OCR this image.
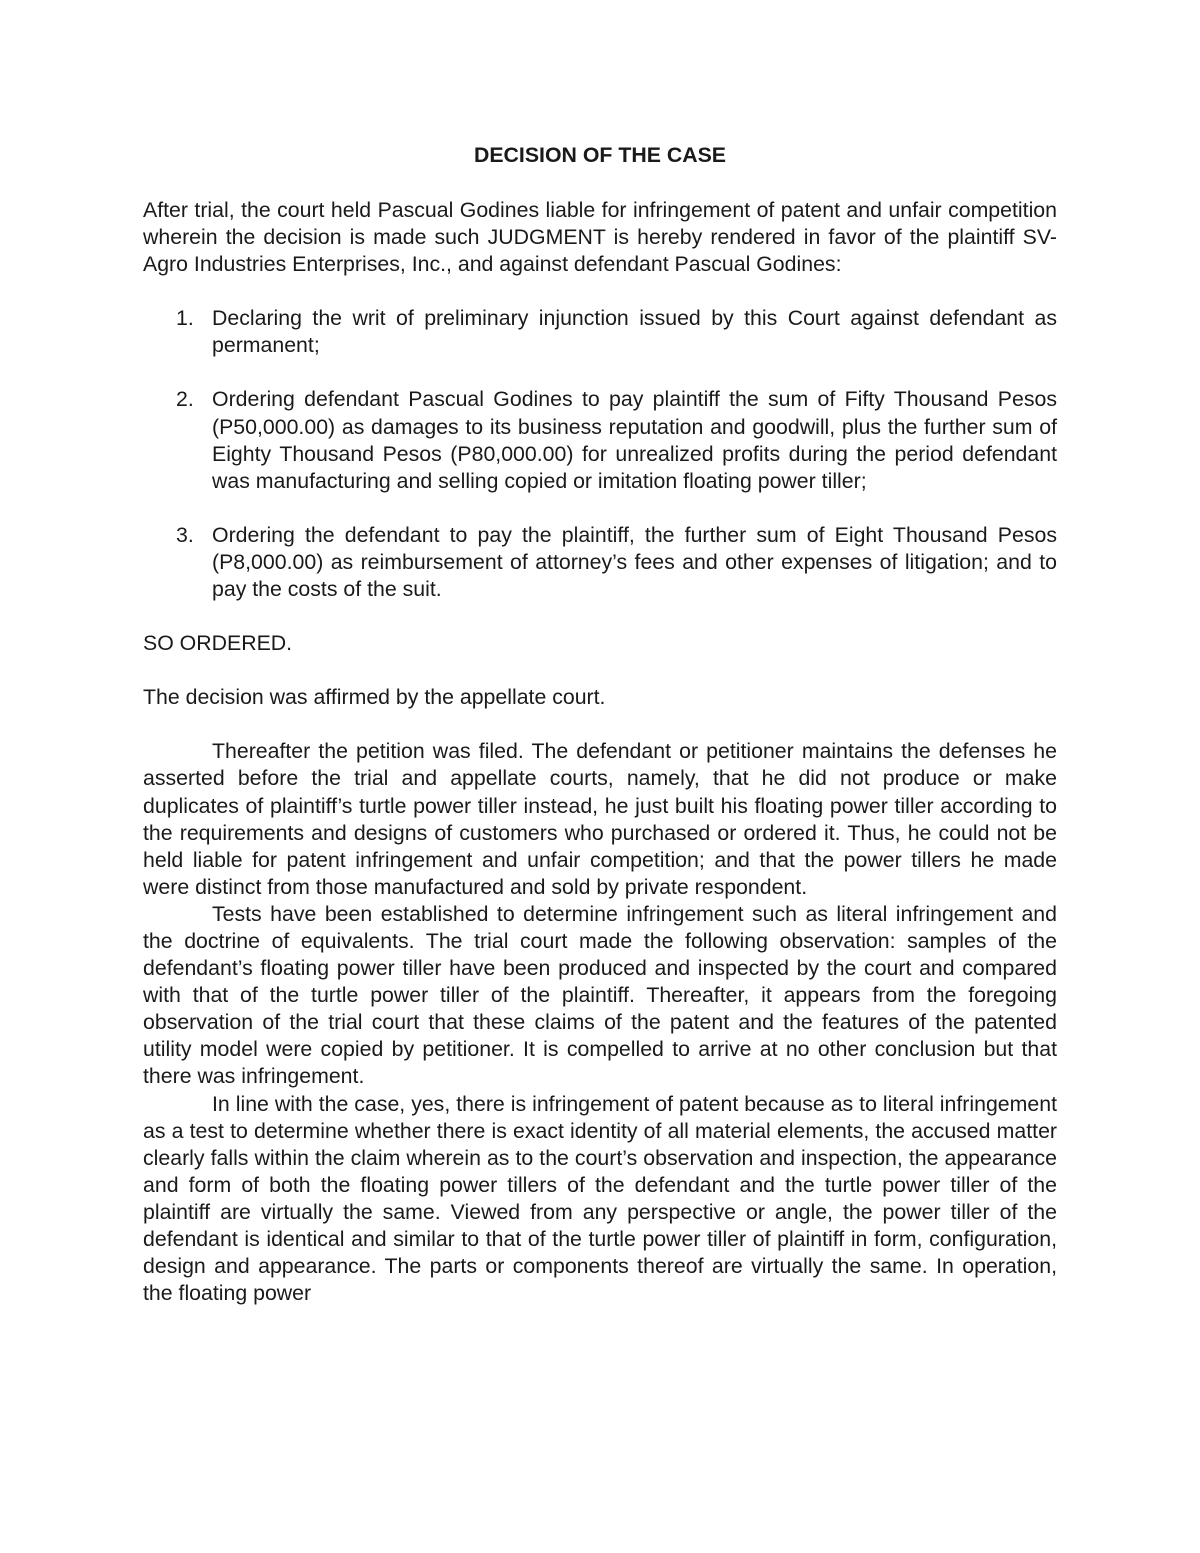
DECISION OF THE CASE

After trial, the court held Pascual Godines liable for infringement of patent and unfair competition wherein the decision is made such JUDGMENT is hereby rendered in favor of the plaintiff SV-Agro Industries Enterprises, Inc., and against defendant Pascual Godines:

1. Declaring the writ of preliminary injunction issued by this Court against defendant as permanent;
2. Ordering defendant Pascual Godines to pay plaintiff the sum of Fifty Thousand Pesos (P50,000.00) as damages to its business reputation and goodwill, plus the further sum of Eighty Thousand Pesos (P80,000.00) for unrealized profits during the period defendant was manufacturing and selling copied or imitation floating power tiller;
3. Ordering the defendant to pay the plaintiff, the further sum of Eight Thousand Pesos (P8,000.00) as reimbursement of attorney’s fees and other expenses of litigation; and to pay the costs of the suit.

SO ORDERED.

The decision was affirmed by the appellate court.

Thereafter the petition was filed. The defendant or petitioner maintains the defenses he asserted before the trial and appellate courts, namely, that he did not produce or make duplicates of plaintiff’s turtle power tiller instead, he just built his floating power tiller according to the requirements and designs of customers who purchased or ordered it. Thus, he could not be held liable for patent infringement and unfair competition; and that the power tillers he made were distinct from those manufactured and sold by private respondent.

Tests have been established to determine infringement such as literal infringement and the doctrine of equivalents. The trial court made the following observation: samples of the defendant’s floating power tiller have been produced and inspected by the court and compared with that of the turtle power tiller of the plaintiff. Thereafter, it appears from the foregoing observation of the trial court that these claims of the patent and the features of the patented utility model were copied by petitioner. It is compelled to arrive at no other conclusion but that there was infringement.

In line with the case, yes, there is infringement of patent because as to literal infringement as a test to determine whether there is exact identity of all material elements, the accused matter clearly falls within the claim wherein as to the court’s observation and inspection, the appearance and form of both the floating power tillers of the defendant and the turtle power tiller of the plaintiff are virtually the same. Viewed from any perspective or angle, the power tiller of the defendant is identical and similar to that of the turtle power tiller of plaintiff in form, configuration, design and appearance. The parts or components thereof are virtually the same. In operation, the floating power
